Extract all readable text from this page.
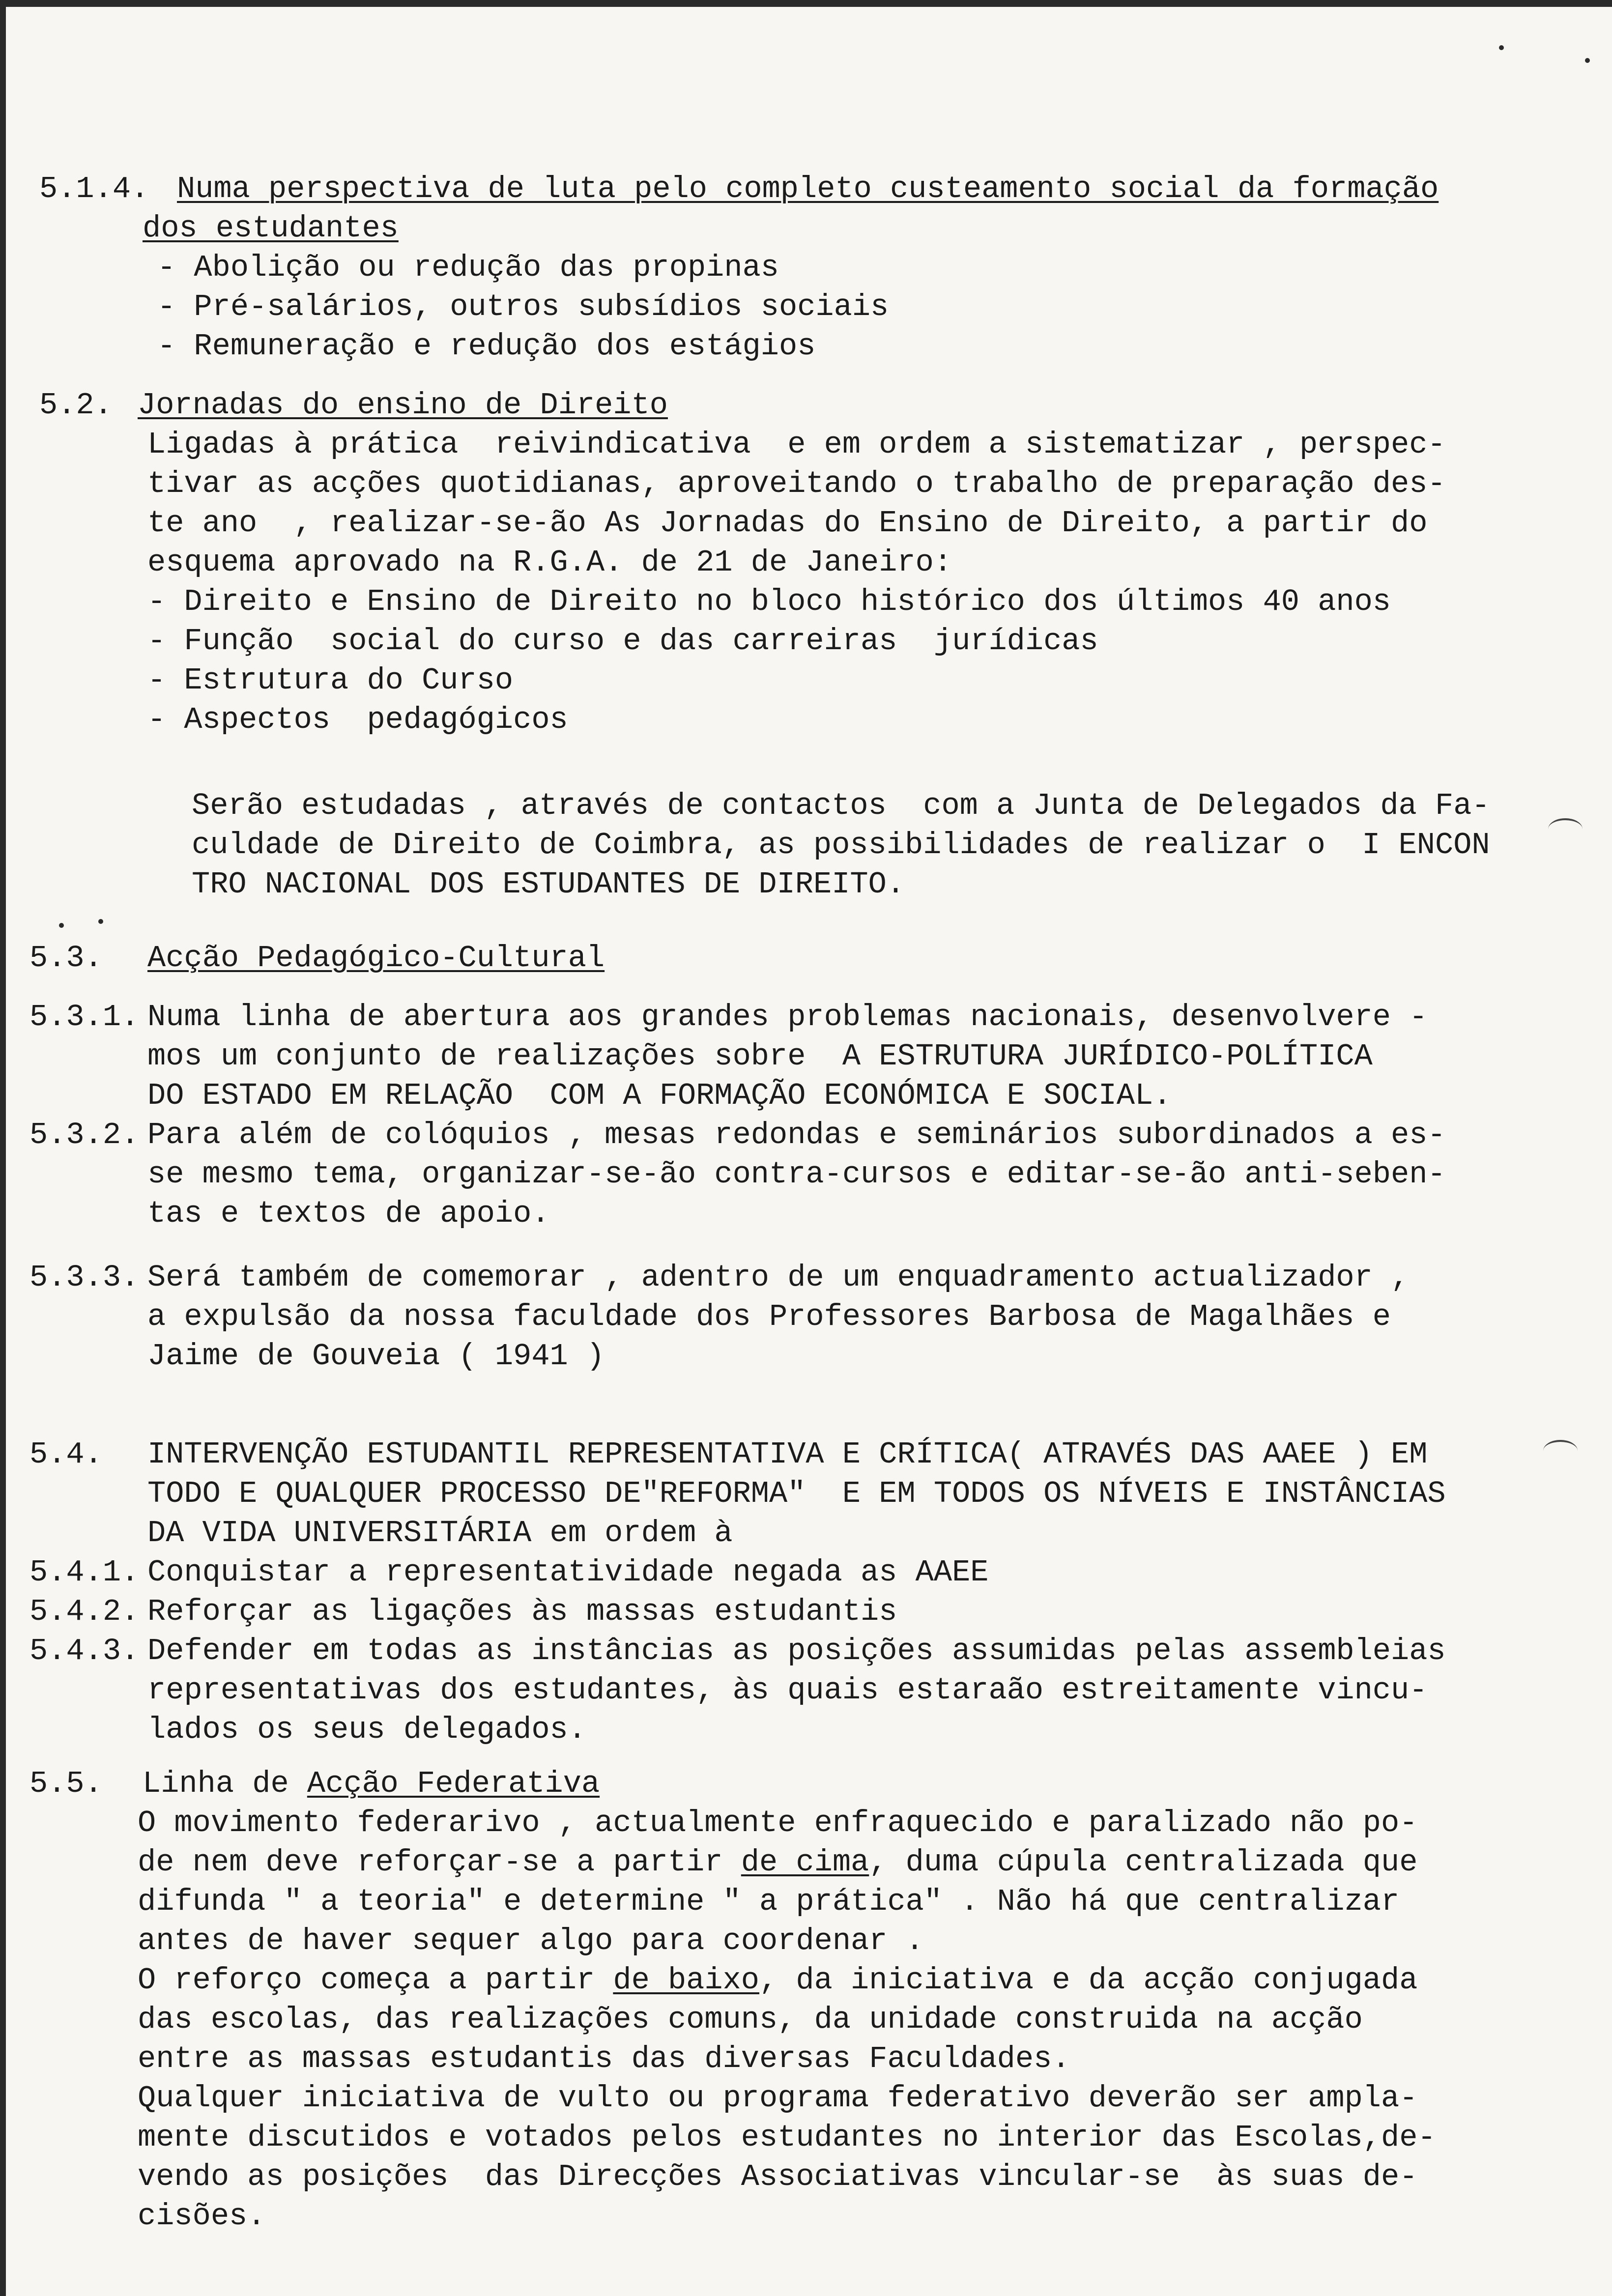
5.1.4. Numa perspectiva de luta pelo completo custeamento social da formação
dos estudantes
- Abolição ou redução das propinas
- Pré-salários, outros subsídios sociais
- Remuneração e redução dos estágios
5.2. Jornadas do ensino de Direito
Ligadas à prática  reivindicativa  e em ordem a sistematizar , perspec-
tivar as acções quotidianas, aproveitando o trabalho de preparação des-
te ano  , realizar-se-ão As Jornadas do Ensino de Direito, a partir do
esquema aprovado na R.G.A. de 21 de Janeiro:
- Direito e Ensino de Direito no bloco histórico dos últimos 40 anos
- Função  social do curso e das carreiras  jurídicas
- Estrutura do Curso
- Aspectos  pedagógicos
Serão estudadas , através de contactos  com a Junta de Delegados da Fa-
culdade de Direito de Coimbra, as possibilidades de realizar o  I ENCON
TRO NACIONAL DOS ESTUDANTES DE DIREITO.
5.3. Acção Pedagógico-Cultural
5.3.1. Numa linha de abertura aos grandes problemas nacionais, desenvolvere -
mos um conjunto de realizações sobre  A ESTRUTURA JURÍDICO-POLÍTICA
DO ESTADO EM RELAÇÃO  COM A FORMAÇÃO ECONÓMICA E SOCIAL.
5.3.2. Para além de colóquios , mesas redondas e seminários subordinados a es-
se mesmo tema, organizar-se-ão contra-cursos e editar-se-ão anti-seben-
tas e textos de apoio.
5.3.3. Será também de comemorar , adentro de um enquadramento actualizador ,
a expulsão da nossa faculdade dos Professores Barbosa de Magalhães e
Jaime de Gouveia ( 1941 )
5.4. INTERVENÇÃO ESTUDANTIL REPRESENTATIVA E CRÍTICA( ATRAVÉS DAS AAEE ) EM
TODO E QUALQUER PROCESSO DE"REFORMA"  E EM TODOS OS NÍVEIS E INSTÂNCIAS
DA VIDA UNIVERSITÁRIA em ordem à
5.4.1. Conquistar a representatividade negada as AAEE
5.4.2. Reforçar as ligações às massas estudantis
5.4.3. Defender em todas as instâncias as posições assumidas pelas assembleias
representativas dos estudantes, às quais estaraão estreitamente vincu-
lados os seus delegados.
5.5. Linha de Acção Federativa
O movimento federarivo , actualmente enfraquecido e paralizado não po-
de nem deve reforçar-se a partir de cima, duma cúpula centralizada que
difunda " a teoria" e determine " a prática" . Não há que centralizar
antes de haver sequer algo para coordenar .
O reforço começa a partir de baixo, da iniciativa e da acção conjugada
das escolas, das realizações comuns, da unidade construida na acção
entre as massas estudantis das diversas Faculdades.
Qualquer iniciativa de vulto ou programa federativo deverão ser ampla-
mente discutidos e votados pelos estudantes no interior das Escolas,de-
vendo as posições  das Direcções Associativas vincular-se  às suas de-
cisões.
